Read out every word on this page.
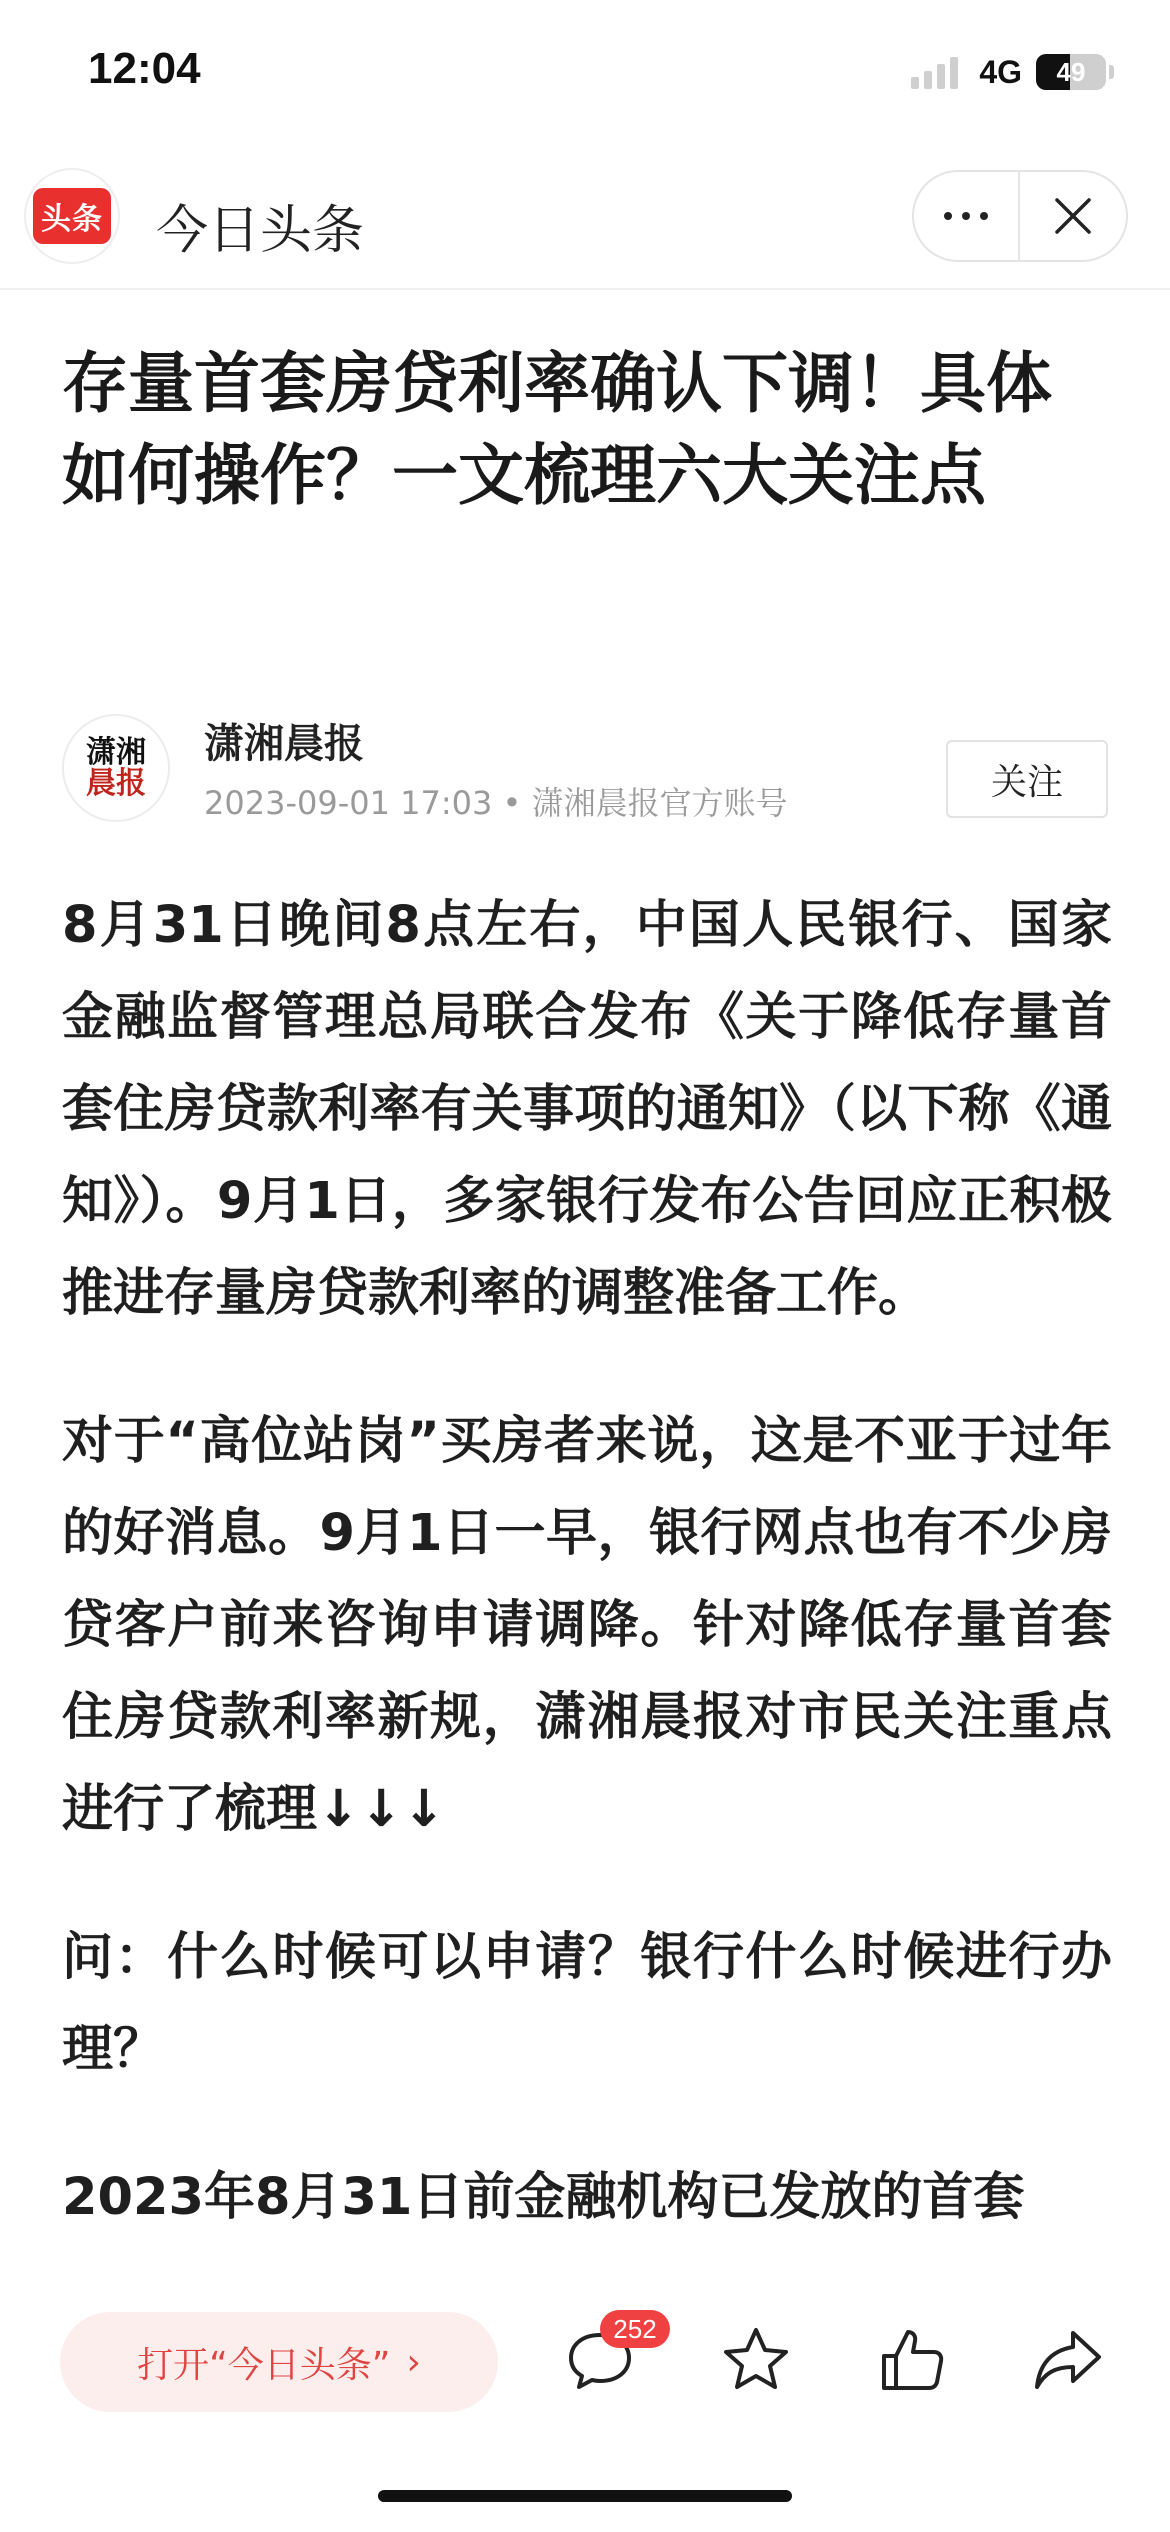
12:04	4G 49
头条 今日头条
存量首套房贷利率确认下调！具体如何操作？一文梳理六大关注点
潇湘
晨报
潇湘晨报
2023-09-01 17:03 • 潇湘晨报官方账号
关注

8月31日晚间8点左右，中国人民银行、国家金融监督管理总局联合发布《关于降低存量首套住房贷款利率有关事项的通知》（以下称《通知》）。9月1日，多家银行发布公告回应正积极推进存量房贷款利率的调整准备工作。

对于“高位站岗”买房者来说，这是不亚于过年的好消息。9月1日一早，银行网点也有不少房贷客户前来咨询申请调降。针对降低存量首套住房贷款利率新规，潇湘晨报对市民关注重点进行了梳理↓↓↓

问：什么时候可以申请？银行什么时候进行办理？

2023年8月31日前金融机构已发放的首套

打开“今日头条” ›
252
